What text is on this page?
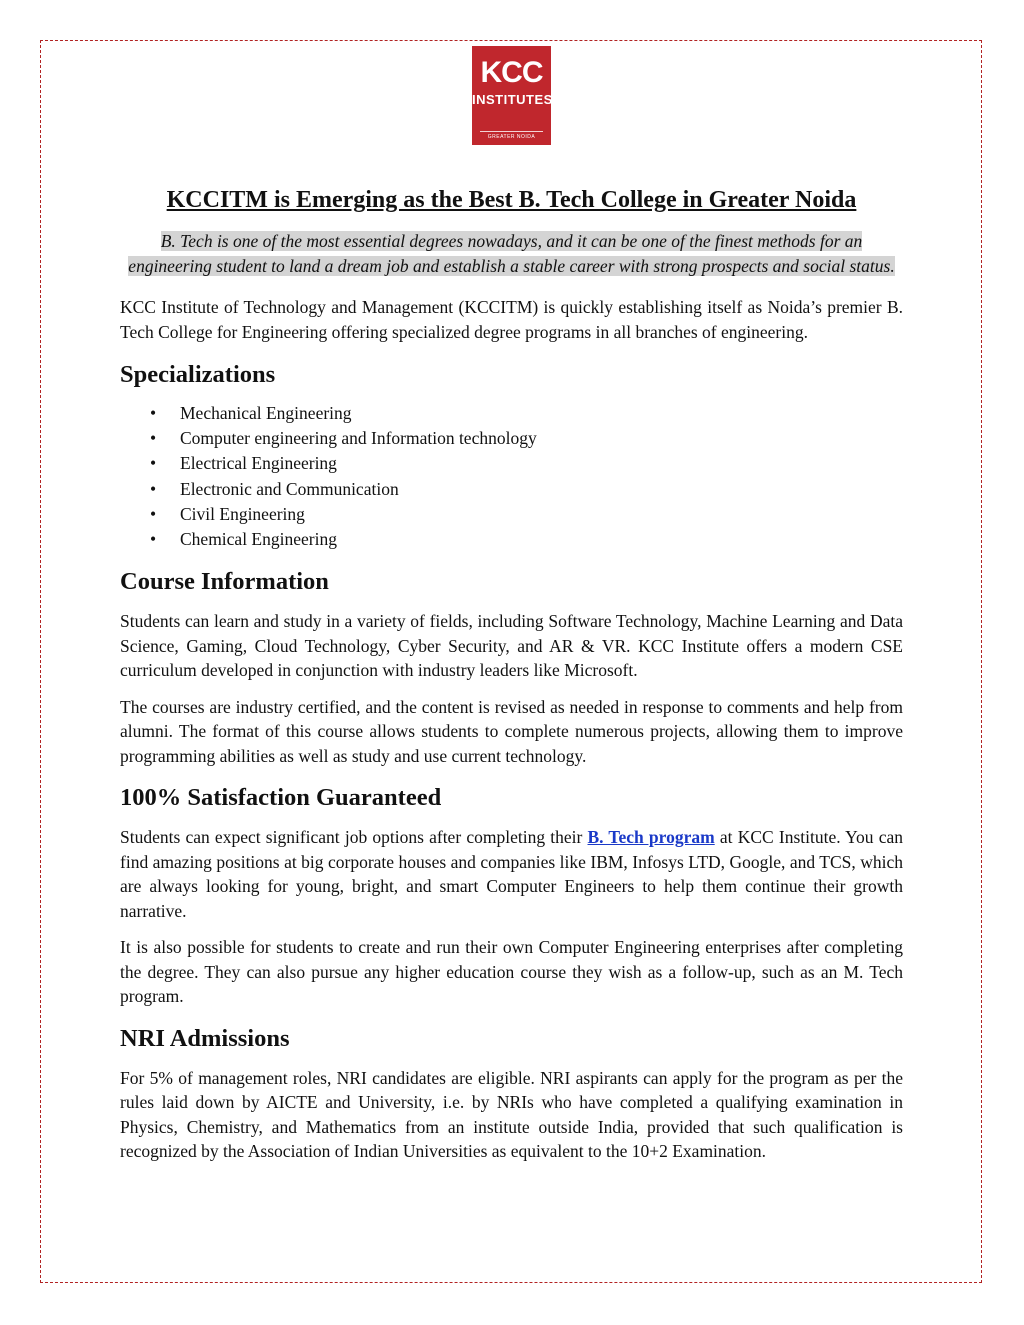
KCC
INSTITUTES
GREATER NOIDA
KCCITM is Emerging as the Best B. Tech College in Greater Noida

B. Tech is one of the most essential degrees nowadays, and it can be one of the finest methods for an engineering student to land a dream job and establish a stable career with strong prospects and social status.

KCC Institute of Technology and Management (KCCITM) is quickly establishing itself as Noida’s premier B. Tech College for Engineering offering specialized degree programs in all branches of engineering.

Specializations
• Mechanical Engineering
• Computer engineering and Information technology
• Electrical Engineering
• Electronic and Communication
• Civil Engineering
• Chemical Engineering
Course Information

Students can learn and study in a variety of fields, including Software Technology, Machine Learning and Data Science, Gaming, Cloud Technology, Cyber Security, and AR & VR. KCC Institute offers a modern CSE curriculum developed in conjunction with industry leaders like Microsoft.

The courses are industry certified, and the content is revised as needed in response to comments and help from alumni. The format of this course allows students to complete numerous projects, allowing them to improve programming abilities as well as study and use current technology.

100% Satisfaction Guaranteed

Students can expect significant job options after completing their B. Tech program at KCC Institute. You can find amazing positions at big corporate houses and companies like IBM, Infosys LTD, Google, and TCS, which are always looking for young, bright, and smart Computer Engineers to help them continue their growth narrative.

It is also possible for students to create and run their own Computer Engineering enterprises after completing the degree. They can also pursue any higher education course they wish as a follow-up, such as an M. Tech program.

NRI Admissions

For 5% of management roles, NRI candidates are eligible. NRI aspirants can apply for the program as per the rules laid down by AICTE and University, i.e. by NRIs who have completed a qualifying examination in Physics, Chemistry, and Mathematics from an institute outside India, provided that such qualification is recognized by the Association of Indian Universities as equivalent to the 10+2 Examination.
